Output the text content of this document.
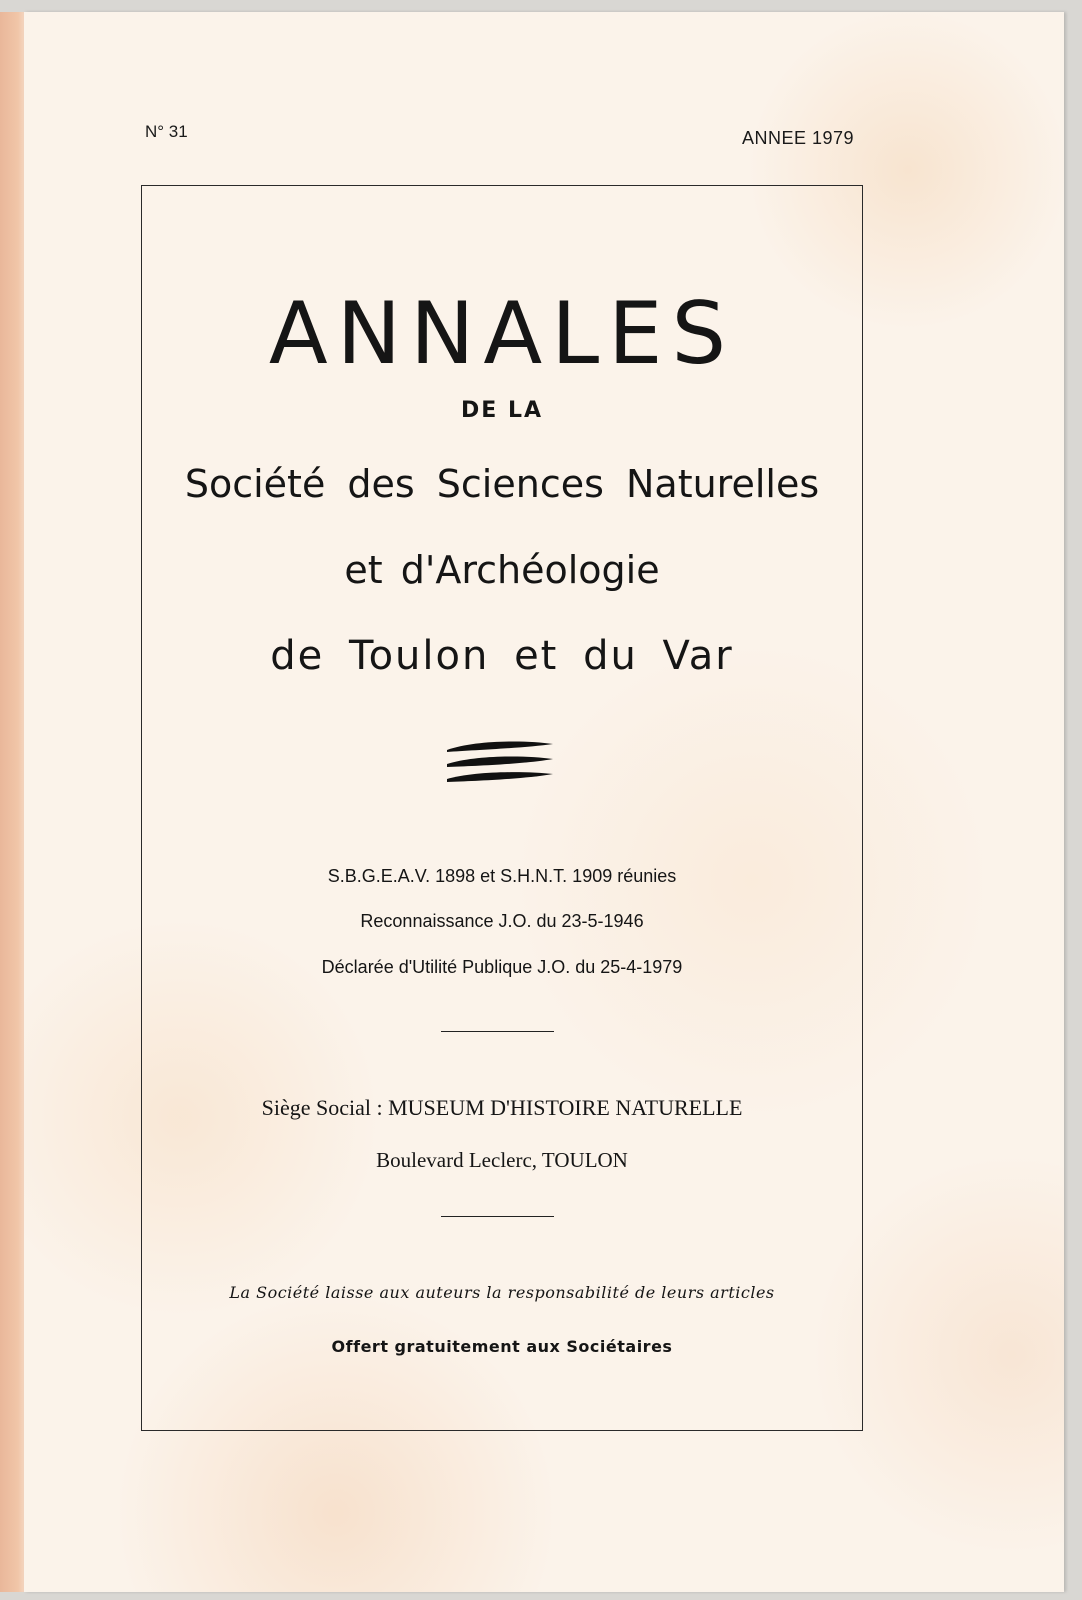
N° 31	ANNEE 1979
ANNALES
DE LA
Société des Sciences Naturelles
et d'Archéologie
de Toulon et du Var
S.B.G.E.A.V. 1898 et S.H.N.T. 1909 réunies
Reconnaissance J.O. du 23-5-1946
Déclarée d'Utilité Publique J.O. du 25-4-1979
Siège Social : MUSEUM D'HISTOIRE NATURELLE
Boulevard Leclerc, TOULON
La Société laisse aux auteurs la responsabilité de leurs articles
Offert gratuitement aux Sociétaires
